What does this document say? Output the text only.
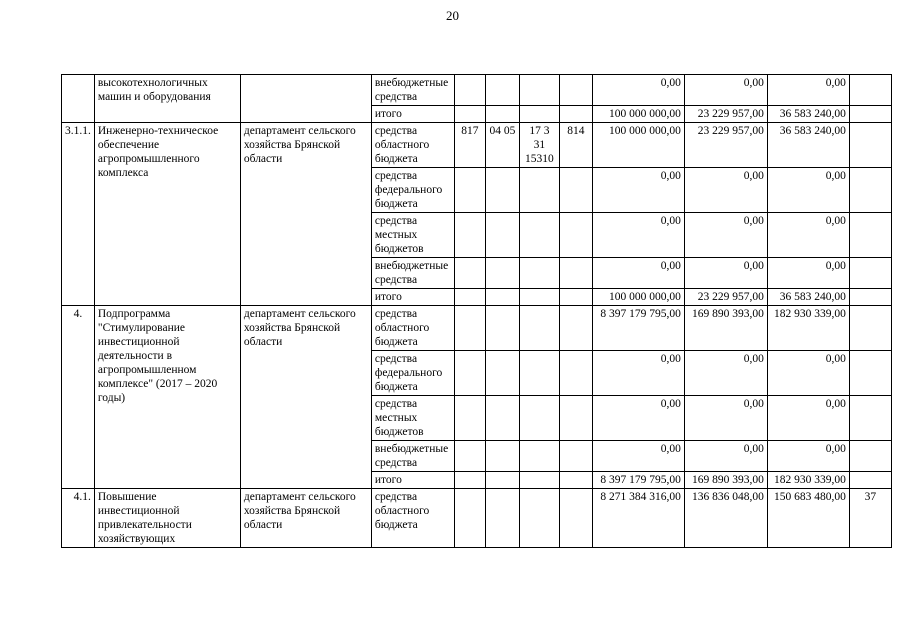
20
	высокотехнологичных машин и оборудования		внебюджетные средства					0,00	0,00	0,00	
			итого					100 000 000,00	23 229 957,00	36 583 240,00	
3.1.1.	Инженерно-техническое обеспечение агропромышленного комплекса	департамент сельского хозяйства Брянской области	средства областного бюджета	817	04 05	17 3 31 15310	814	100 000 000,00	23 229 957,00	36 583 240,00	
			средства федерального бюджета					0,00	0,00	0,00	
			средства местных бюджетов					0,00	0,00	0,00	
			внебюджетные средства					0,00	0,00	0,00	
			итого					100 000 000,00	23 229 957,00	36 583 240,00	
4.	Подпрограмма "Стимулирование инвестиционной деятельности в агропромышленном комплексе" (2017 – 2020 годы)	департамент сельского хозяйства Брянской области	средства областного бюджета					8 397 179 795,00	169 890 393,00	182 930 339,00	
			средства федерального бюджета					0,00	0,00	0,00	
			средства местных бюджетов					0,00	0,00	0,00	
			внебюджетные средства					0,00	0,00	0,00	
			итого					8 397 179 795,00	169 890 393,00	182 930 339,00	
4.1.	Повышение инвестиционной привлекательности хозяйствующих	департамент сельского хозяйства Брянской области	средства областного бюджета					8 271 384 316,00	136 836 048,00	150 683 480,00	37
